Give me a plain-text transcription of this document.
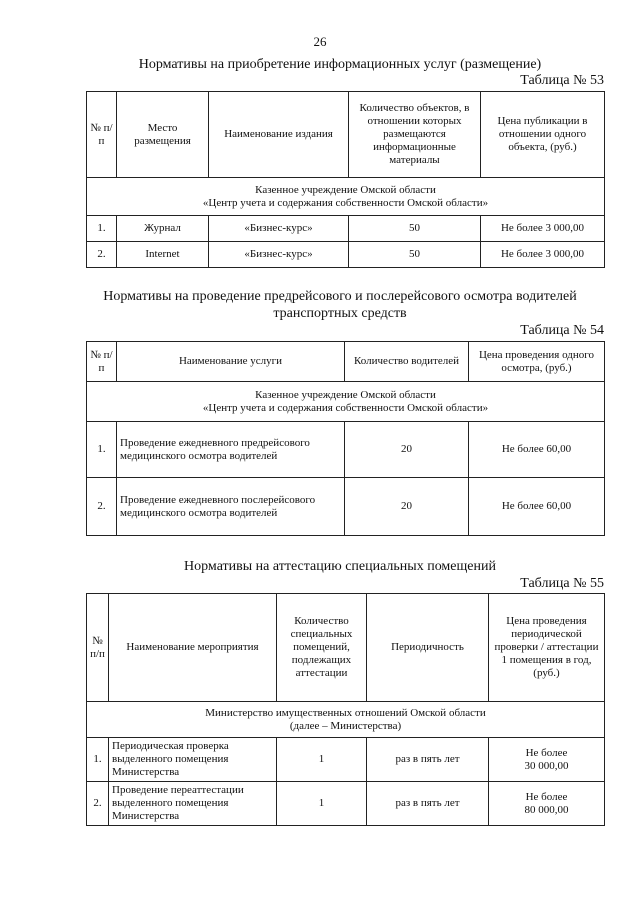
26
Нормативы на приобретение информационных услуг (размещение)
Таблица № 53
№ п/п	Место размещения	Наименование издания	Количество объектов, в отношении которых размещаются информационные материалы	Цена публикации в отношении одного объекта, (руб.)

Казенное учреждение Омской области
«Центр учета и содержания собственности Омской области»				

1.	Журнал	«Бизнес-курс»	50	Не более 3 000,00
2.	Internet	«Бизнес-курс»	50	Не более 3 000,00
Нормативы на проведение предрейсового и послерейсового осмотра водителей
транспортных средств
Таблица № 54
№ п/п	Наименование услуги	Количество водителей	Цена проведения одного осмотра, (руб.)

Казенное учреждение Омской области
«Центр учета и содержания собственности Омской области»			

1.	Проведение ежедневного предрейсового медицинского осмотра водителей	20	Не более 60,00
2.	Проведение ежедневного послерейсового медицинского осмотра водителей	20	Не более 60,00
Нормативы на аттестацию специальных помещений
Таблица № 55
№ п/п	Наименование мероприятия	Количество специальных помещений, подлежащих аттестации	Периодичность	Цена проведения периодической проверки / аттестации 1 помещения в год, (руб.)

Министерство имущественных отношений Омской области
(далее – Министерства)				

1.	Периодическая проверка выделенного помещения Министерства	1	раз в пять лет	Не более
30 000,00

2.	Проведение переаттестации выделенного помещения Министерства	1	раз в пять лет	Не более
80 000,00
